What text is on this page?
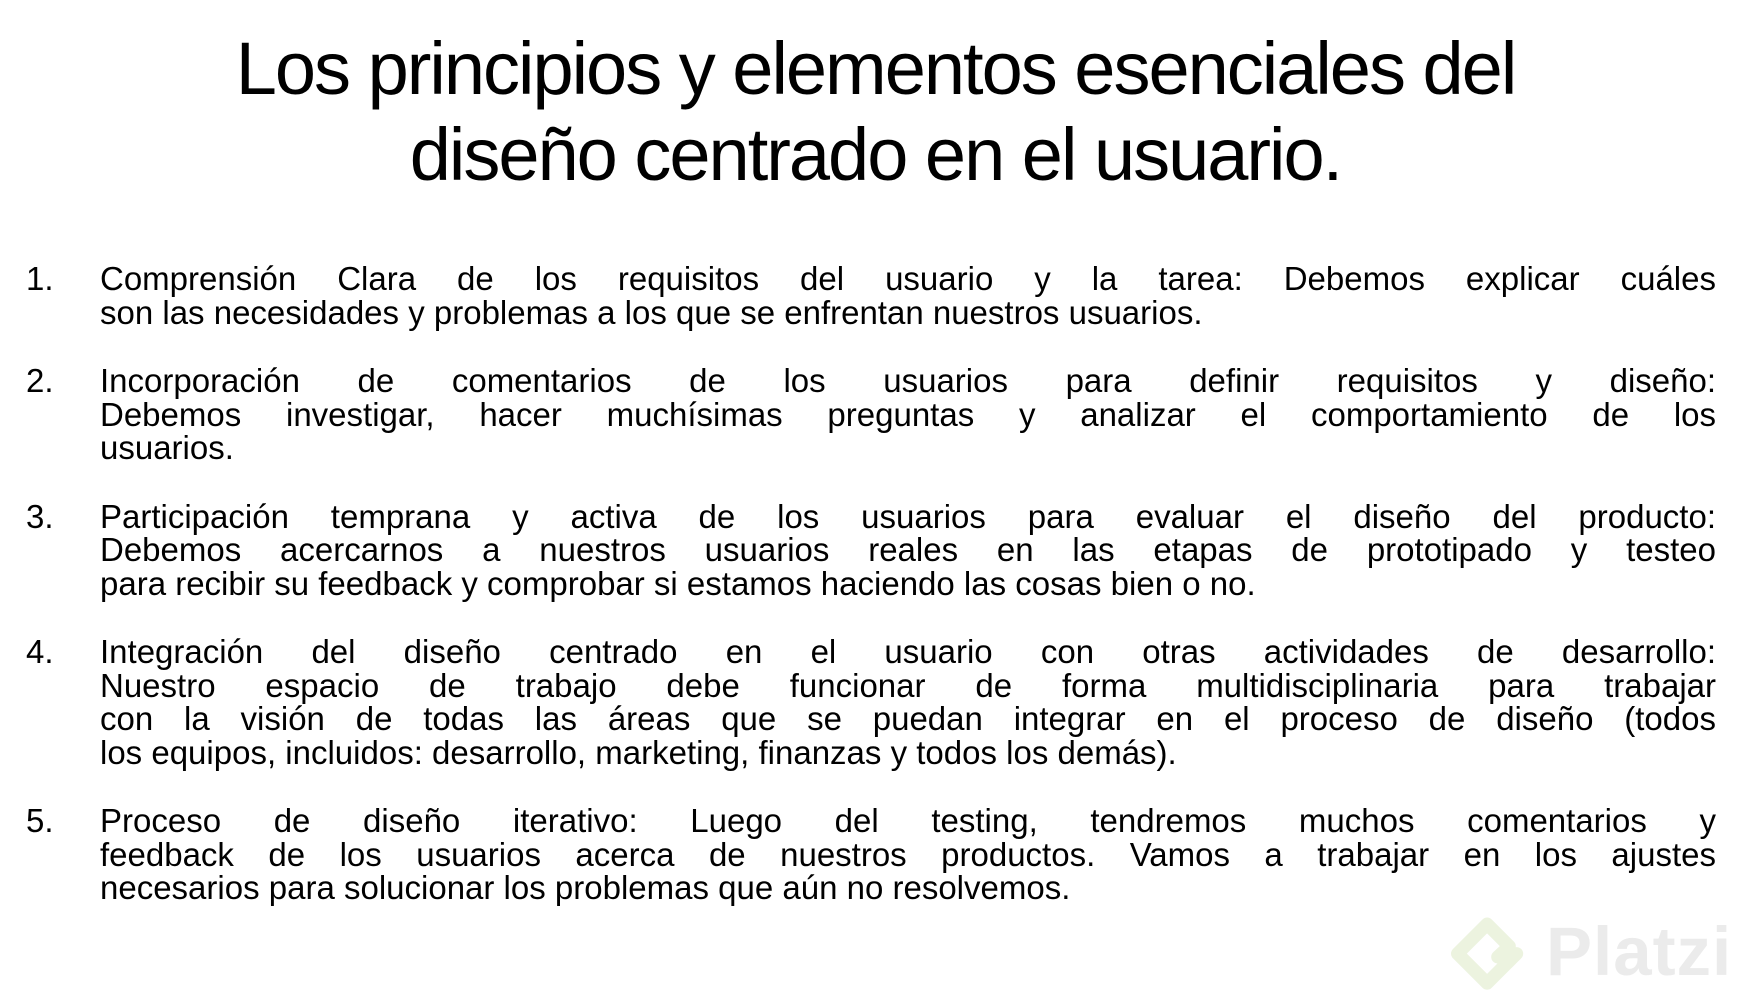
Los principios y elementos esenciales del
diseño centrado en el usuario.
1. Comprensión Clara de los requisitos del usuario y la tarea: Debemos explicar cuáles
son las necesidades y problemas a los que se enfrentan nuestros usuarios.
2. Incorporación de comentarios de los usuarios para definir requisitos y diseño:
Debemos investigar, hacer muchísimas preguntas y analizar el comportamiento de los
usuarios.
3. Participación temprana y activa de los usuarios para evaluar el diseño del producto:
Debemos acercarnos a nuestros usuarios reales en las etapas de prototipado y testeo
para recibir su feedback y comprobar si estamos haciendo las cosas bien o no.
4. Integración del diseño centrado en el usuario con otras actividades de desarrollo:
Nuestro espacio de trabajo debe funcionar de forma multidisciplinaria para trabajar
con la visión de todas las áreas que se puedan integrar en el proceso de diseño (todos
los equipos, incluidos: desarrollo, marketing, finanzas y todos los demás).
5. Proceso de diseño iterativo: Luego del testing, tendremos muchos comentarios y
feedback de los usuarios acerca de nuestros productos. Vamos a trabajar en los ajustes
necesarios para solucionar los problemas que aún no resolvemos.
Platzi
